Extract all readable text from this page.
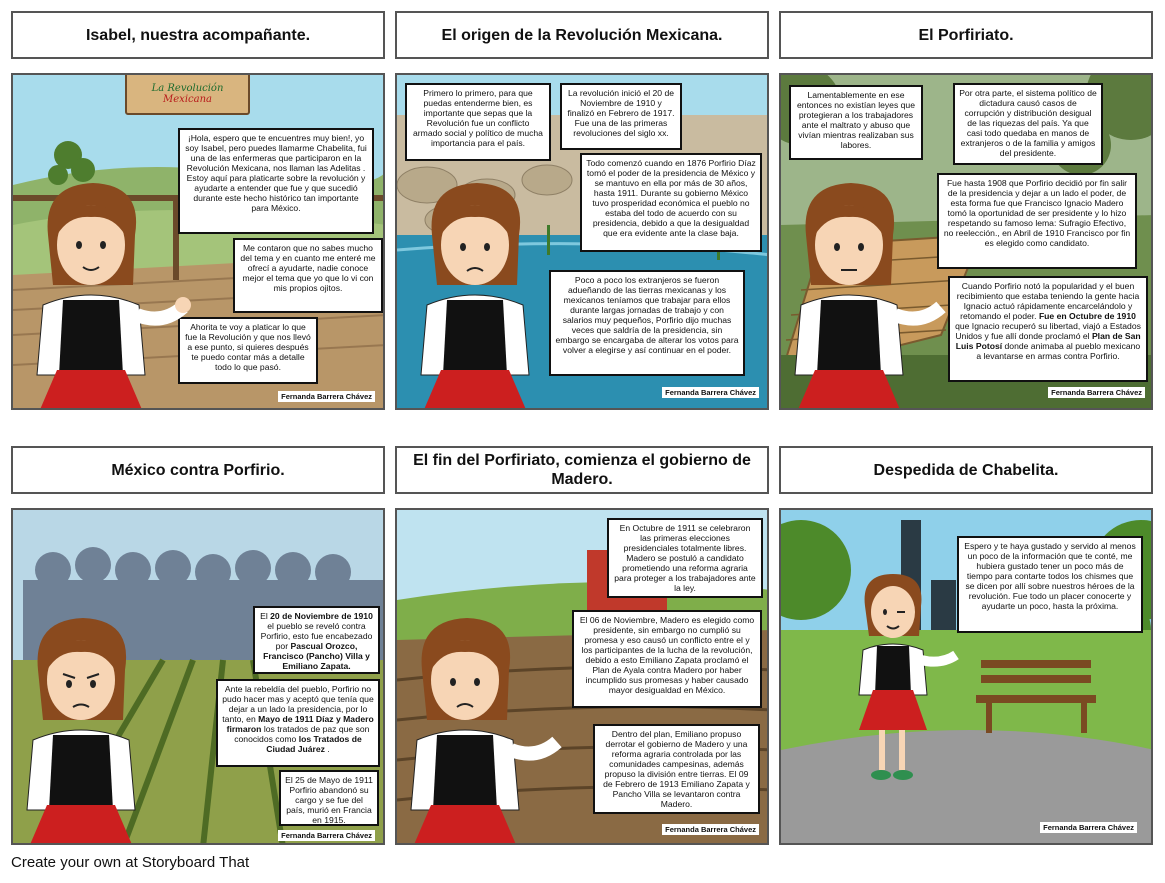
Isabel, nuestra acompañante.	El origen de la Revolución Mexicana.	El Porfiriato.
México contra Porfirio.
El fin del Porfiriato, comienza el gobierno de Madero.
Despedida de Chabelita.
La Revolución
Mexicana
¡Hola, espero que te encuentres muy bien!, yo soy Isabel, pero puedes llamarme Chabelita, fui una de las enfermeras que participaron en la Revolución Mexicana, nos llaman las Adelitas . Estoy aquí para platicarte sobre la revolución y ayudarte a entender que fue y que sucedió durante este hecho histórico tan importante para México.
Me contaron que no sabes mucho del tema y en cuanto me enteré me ofrecí a ayudarte, nadie conoce mejor el tema que yo que lo vi con mis propios ojitos.
Ahorita te voy a platicar lo que fue la Revolución y que nos llevó a ese punto, si quieres después te puedo contar más a detalle todo lo que pasó.
Fernanda Barrera Chávez
Primero lo primero, para que puedas entenderme bien, es importante que sepas que la Revolución fue un conflicto armado social y político de mucha importancia para el país.
La revolución inició el 20 de Noviembre de 1910 y finalizó en Febrero de 1917. Fue una de las primeras revoluciones del siglo xx.
Todo comenzó cuando en 1876 Porfirio Díaz tomó el poder de la presidencia de México y se mantuvo en ella por más de 30 años, hasta 1911. Durante su gobierno México tuvo prosperidad económica el pueblo no estaba del todo de acuerdo con su presidencia, debido a que la desigualdad que era evidente ante la clase baja.
Poco a poco los extranjeros se fueron adueñando de las tierras mexicanas y los mexicanos teníamos que trabajar para ellos durante largas jornadas de trabajo y con salarios muy pequeños, Porfirio dijo muchas veces que saldría de la presidencia, sin embargo se encargaba de alterar los votos para volver a elegirse y así continuar en el poder.
Fernanda Barrera Chávez
Lamentablemente en ese entonces no existían leyes que protegieran a los trabajadores ante el maltrato y abuso que vivían mientras realizaban sus labores.
Por otra parte, el sistema político de dictadura causó casos de corrupción y distribución desigual de las riquezas del país. Ya que casi todo quedaba en manos de extranjeros o de la familia y amigos del presidente.
Fue hasta 1908 que Porfirio decidió por fin salir de la presidencia y dejar a un lado el poder, de esta forma fue que Francisco Ignacio Madero tomó la oportunidad de ser presidente y lo hizo respetando su famoso lema: Sufragio Efectivo, no reelección., en Abril de 1910 Francisco por fin es elegido como candidato.
Cuando Porfirio notó la popularidad y el buen recibimiento que estaba teniendo la gente hacia Ignacio actuó rápidamente encarcelándolo y retomando el poder. Fue en Octubre de 1910 que Ignacio recuperó su libertad, viajó a Estados Unidos y fue allí donde proclamó el Plan de San Luis Potosí donde animaba al pueblo mexicano a levantarse en armas contra Porfirio.
Fernanda Barrera Chávez
El 20 de Noviembre de 1910 el pueblo se reveló contra Porfirio, esto fue encabezado por Pascual Orozco, Francisco (Pancho) Villa y Emiliano Zapata.
Ante la rebeldía del pueblo, Porfirio no pudo hacer mas y aceptó que tenía que dejar a un lado la presidencia, por lo tanto, en Mayo de 1911 Díaz y Madero firmaron los tratados de paz que son conocidos como los Tratados de Ciudad Juárez .
El 25 de Mayo de 1911 Porfirio abandonó su cargo y se fue del país, murió en Francia en 1915.
Fernanda Barrera Chávez
En Octubre de 1911 se celebraron las primeras elecciones presidenciales totalmente libres. Madero se postuló a candidato prometiendo una reforma agraria para proteger a los trabajadores ante la ley.
El 06 de Noviembre, Madero es elegido como presidente, sin embargo no cumplió su promesa y eso causó un conflicto entre el y los participantes de la lucha de la revolución, debido a esto Emiliano Zapata proclamó el Plan de Ayala contra Madero por haber incumplido sus promesas y haber causado mayor desigualdad en México.
Dentro del plan, Emiliano propuso derrotar el gobierno de Madero y una reforma agraria controlada por las comunidades campesinas, además propuso la división entre tierras. El 09 de Febrero de 1913 Emiliano Zapata y Pancho Villa se levantaron contra Madero.
Fernanda Barrera Chávez
Espero y te haya gustado y servido al menos un poco de la información que te conté, me hubiera gustado tener un poco más de tiempo para contarte todos los chismes que se dicen por allí sobre nuestros héroes de la revolución. Fue todo un placer conocerte y ayudarte un poco, hasta la próxima.
Fernanda Barrera Chávez
Create your own at Storyboard That
